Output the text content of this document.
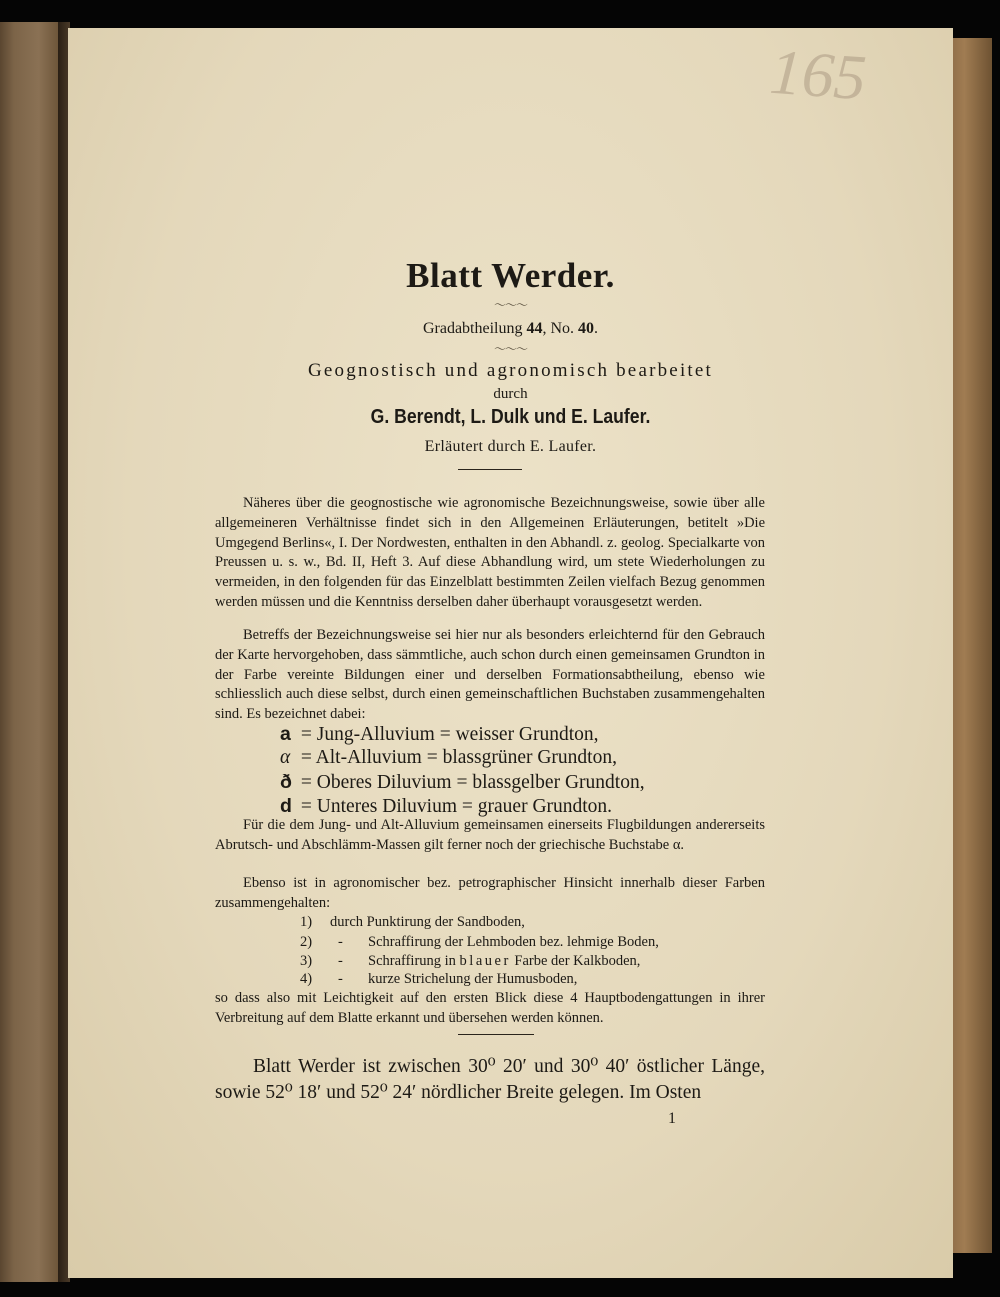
165
Blatt Werder.
～～～
Gradabtheilung 44, No. 40.
～～～
Geognostisch und agronomisch bearbeitet
durch
G. Berendt, L. Dulk und E. Laufer.
Erläutert durch E. Laufer.
Näheres über die geognostische wie agronomische Bezeichnungsweise, sowie über alle allgemeineren Verhältnisse findet sich in den Allgemeinen Erläuterungen, betitelt »Die Umgegend Berlins«, I. Der Nordwesten, enthalten in den Abhandl. z. geolog. Specialkarte von Preussen u. s. w., Bd. II, Heft 3. Auf diese Abhandlung wird, um stete Wiederholungen zu vermeiden, in den folgenden für das Einzelblatt bestimmten Zeilen vielfach Bezug genommen werden müssen und die Kenntniss derselben daher überhaupt vorausgesetzt werden.
Betreffs der Bezeichnungsweise sei hier nur als besonders erleichternd für den Gebrauch der Karte hervorgehoben, dass sämmtliche, auch schon durch einen gemeinsamen Grundton in der Farbe vereinte Bildungen einer und derselben Formationsabtheilung, ebenso wie schliesslich auch diese selbst, durch einen gemeinschaftlichen Buchstaben zusammengehalten sind. Es bezeichnet dabei:
a = Jung-Alluvium = weisser Grundton,
α = Alt-Alluvium = blassgrüner Grundton,
ð = Oberes Diluvium = blassgelber Grundton,
d = Unteres Diluvium = grauer Grundton.
Für die dem Jung- und Alt-Alluvium gemeinsamen einerseits Flugbildungen andererseits Abrutsch- und Abschlämm-Massen gilt ferner noch der griechische Buchstabe α.
Ebenso ist in agronomischer bez. petrographischer Hinsicht innerhalb dieser Farben zusammengehalten:
1) durch Punktirung der Sandboden,
2) - Schraffirung der Lehmboden bez. lehmige Boden,
3) - Schraffirung in blauer Farbe der Kalkboden,
4) - kurze Strichelung der Humusboden,
so dass also mit Leichtigkeit auf den ersten Blick diese 4 Hauptbodengattungen in ihrer Verbreitung auf dem Blatte erkannt und übersehen werden können.
Blatt Werder ist zwischen 30⁰ 20′ und 30⁰ 40′ östlicher Länge, sowie 52⁰ 18′ und 52⁰ 24′ nördlicher Breite gelegen. Im Osten
1
